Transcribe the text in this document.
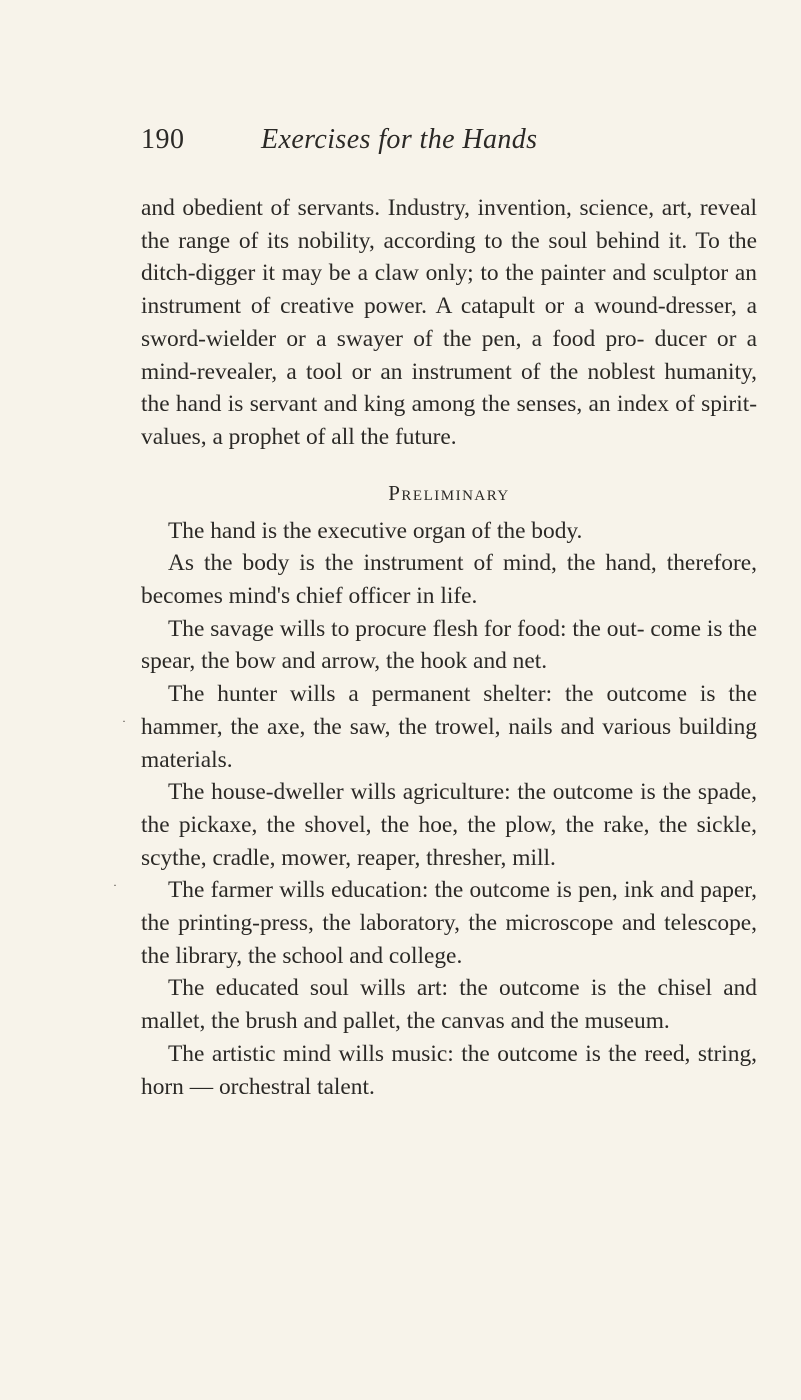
190	Exercises for the Hands

and obedient of servants. Industry, invention, science, art, reveal the range of its nobility, according to the soul behind it. To the ditch-digger it may be a claw only; to the painter and sculptor an instrument of creative power. A catapult or a wound-dresser, a sword-wielder or a swayer of the pen, a food pro- ducer or a mind-revealer, a tool or an instrument of the noblest humanity, the hand is servant and king among the senses, an index of spirit-values, a prophet of all the future.

Preliminary

The hand is the executive organ of the body.

As the body is the instrument of mind, the hand, therefore, becomes mind's chief officer in life.

The savage wills to procure flesh for food: the out- come is the spear, the bow and arrow, the hook and net.

The hunter wills a permanent shelter: the outcome is the hammer, the axe, the saw, the trowel, nails and various building materials.

The house-dweller wills agriculture: the outcome is the spade, the pickaxe, the shovel, the hoe, the plow, the rake, the sickle, scythe, cradle, mower, reaper, thresher, mill.

The farmer wills education: the outcome is pen, ink and paper, the printing-press, the laboratory, the microscope and telescope, the library, the school and college.

The educated soul wills art: the outcome is the chisel and mallet, the brush and pallet, the canvas and the museum.

The artistic mind wills music: the outcome is the reed, string, horn — orchestral talent.

·
·
